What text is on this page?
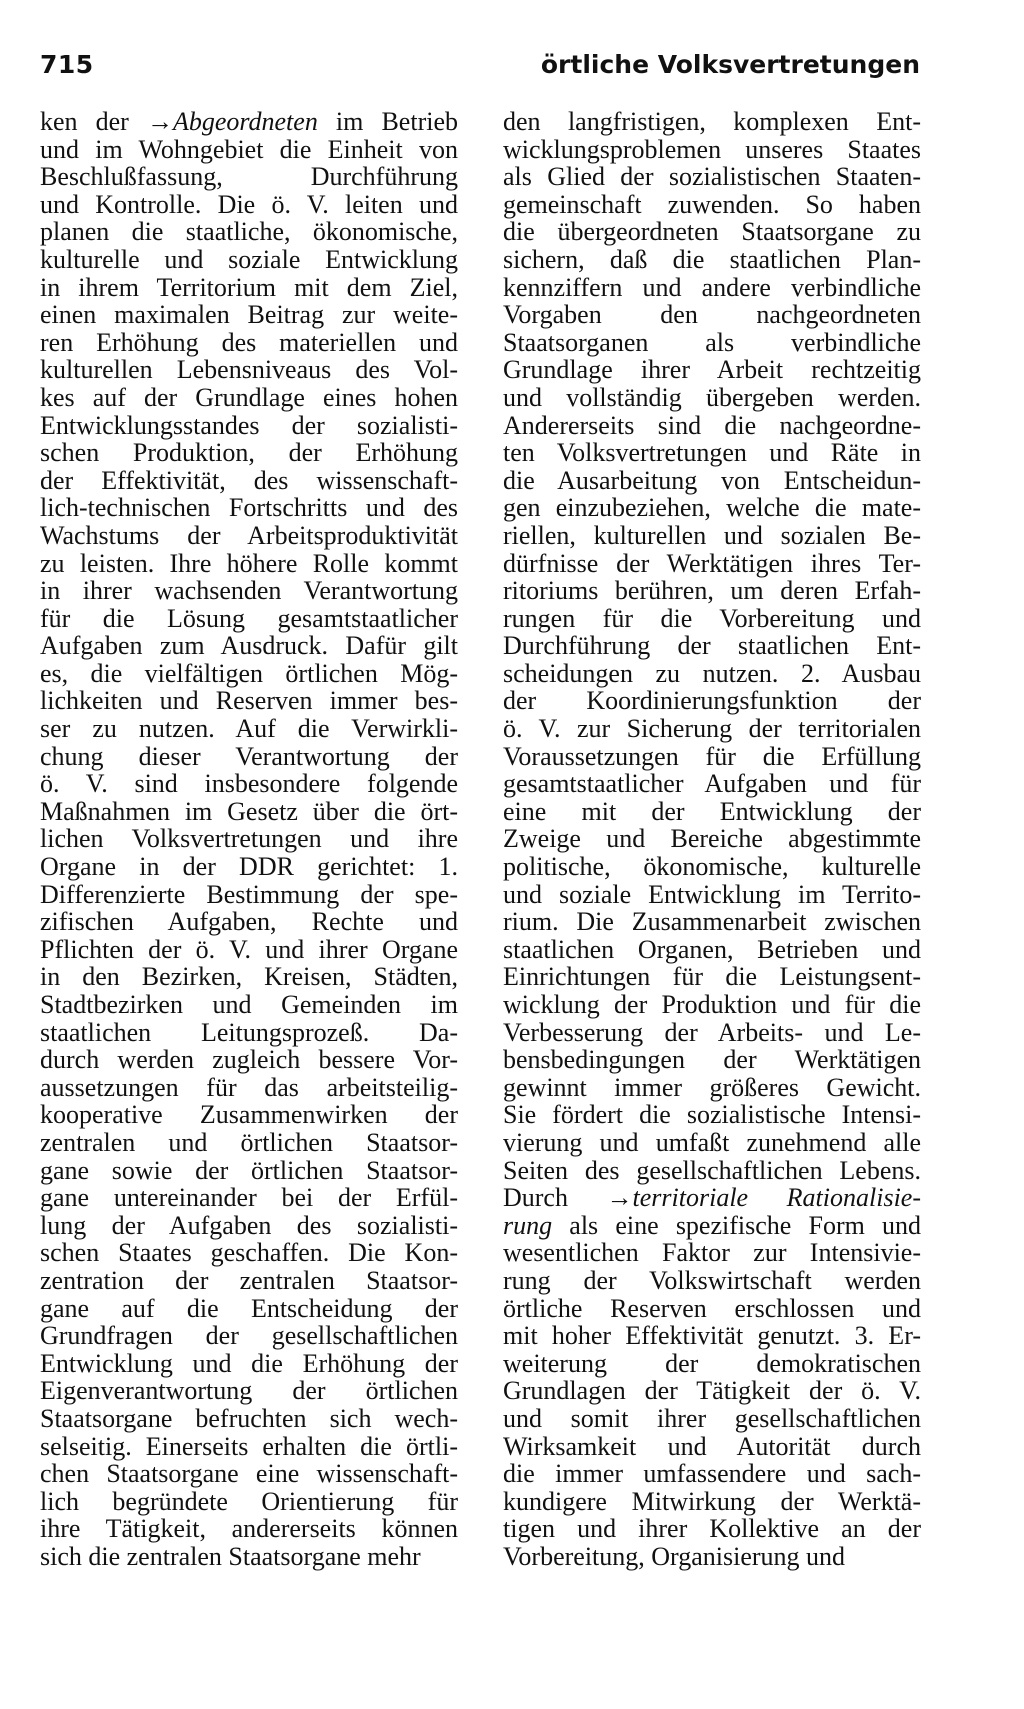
715	örtliche Volksvertretungen
ken der →Abgeordneten im Betrieb
und im Wohngebiet die Einheit von
Beschlußfassung, Durchführung
und Kontrolle. Die ö. V. leiten und
planen die staatliche, ökonomische,
kulturelle und soziale Entwicklung
in ihrem Territorium mit dem Ziel,
einen maximalen Beitrag zur weite-
ren Erhöhung des materiellen und
kulturellen Lebensniveaus des Vol-
kes auf der Grundlage eines hohen
Entwicklungsstandes der sozialisti-
schen Produktion, der Erhöhung
der Effektivität, des wissenschaft-
lich-technischen Fortschritts und des
Wachstums der Arbeitsproduktivität
zu leisten. Ihre höhere Rolle kommt
in ihrer wachsenden Verantwortung
für die Lösung gesamtstaatlicher
Aufgaben zum Ausdruck. Dafür gilt
es, die vielfältigen örtlichen Mög-
lichkeiten und Reserven immer bes-
ser zu nutzen. Auf die Verwirkli-
chung dieser Verantwortung der
ö. V. sind insbesondere folgende
Maßnahmen im Gesetz über die ört-
lichen Volksvertretungen und ihre
Organe in der DDR gerichtet: 1.
Differenzierte Bestimmung der spe-
zifischen Aufgaben, Rechte und
Pflichten der ö. V. und ihrer Organe
in den Bezirken, Kreisen, Städten,
Stadtbezirken und Gemeinden im
staatlichen Leitungsprozeß. Da-
durch werden zugleich bessere Vor-
aussetzungen für das arbeitsteilig-
kooperative Zusammenwirken der
zentralen und örtlichen Staatsor-
gane sowie der örtlichen Staatsor-
gane untereinander bei der Erfül-
lung der Aufgaben des sozialisti-
schen Staates geschaffen. Die Kon-
zentration der zentralen Staatsor-
gane auf die Entscheidung der
Grundfragen der gesellschaftlichen
Entwicklung und die Erhöhung der
Eigenverantwortung der örtlichen
Staatsorgane befruchten sich wech-
selseitig. Einerseits erhalten die örtli-
chen Staatsorgane eine wissenschaft-
lich begründete Orientierung für
ihre Tätigkeit, andererseits können
sich die zentralen Staatsorgane mehr
den langfristigen, komplexen Ent-
wicklungsproblemen unseres Staates
als Glied der sozialistischen Staaten-
gemeinschaft zuwenden. So haben
die übergeordneten Staatsorgane zu
sichern, daß die staatlichen Plan-
kennziffern und andere verbindliche
Vorgaben den nachgeordneten
Staatsorganen als verbindliche
Grundlage ihrer Arbeit rechtzeitig
und vollständig übergeben werden.
Andererseits sind die nachgeordne-
ten Volksvertretungen und Räte in
die Ausarbeitung von Entscheidun-
gen einzubeziehen, welche die mate-
riellen, kulturellen und sozialen Be-
dürfnisse der Werktätigen ihres Ter-
ritoriums berühren, um deren Erfah-
rungen für die Vorbereitung und
Durchführung der staatlichen Ent-
scheidungen zu nutzen. 2. Ausbau
der Koordinierungsfunktion der
ö. V. zur Sicherung der territorialen
Voraussetzungen für die Erfüllung
gesamtstaatlicher Aufgaben und für
eine mit der Entwicklung der
Zweige und Bereiche abgestimmte
politische, ökonomische, kulturelle
und soziale Entwicklung im Territo-
rium. Die Zusammenarbeit zwischen
staatlichen Organen, Betrieben und
Einrichtungen für die Leistungsent-
wicklung der Produktion und für die
Verbesserung der Arbeits- und Le-
bensbedingungen der Werktätigen
gewinnt immer größeres Gewicht.
Sie fördert die sozialistische Intensi-
vierung und umfaßt zunehmend alle
Seiten des gesellschaftlichen Lebens.
Durch →territoriale Rationalisie-
rung als eine spezifische Form und
wesentlichen Faktor zur Intensivie-
rung der Volkswirtschaft werden
örtliche Reserven erschlossen und
mit hoher Effektivität genutzt. 3. Er-
weiterung der demokratischen
Grundlagen der Tätigkeit der ö. V.
und somit ihrer gesellschaftlichen
Wirksamkeit und Autorität durch
die immer umfassendere und sach-
kundigere Mitwirkung der Werktä-
tigen und ihrer Kollektive an der
Vorbereitung, Organisierung und
